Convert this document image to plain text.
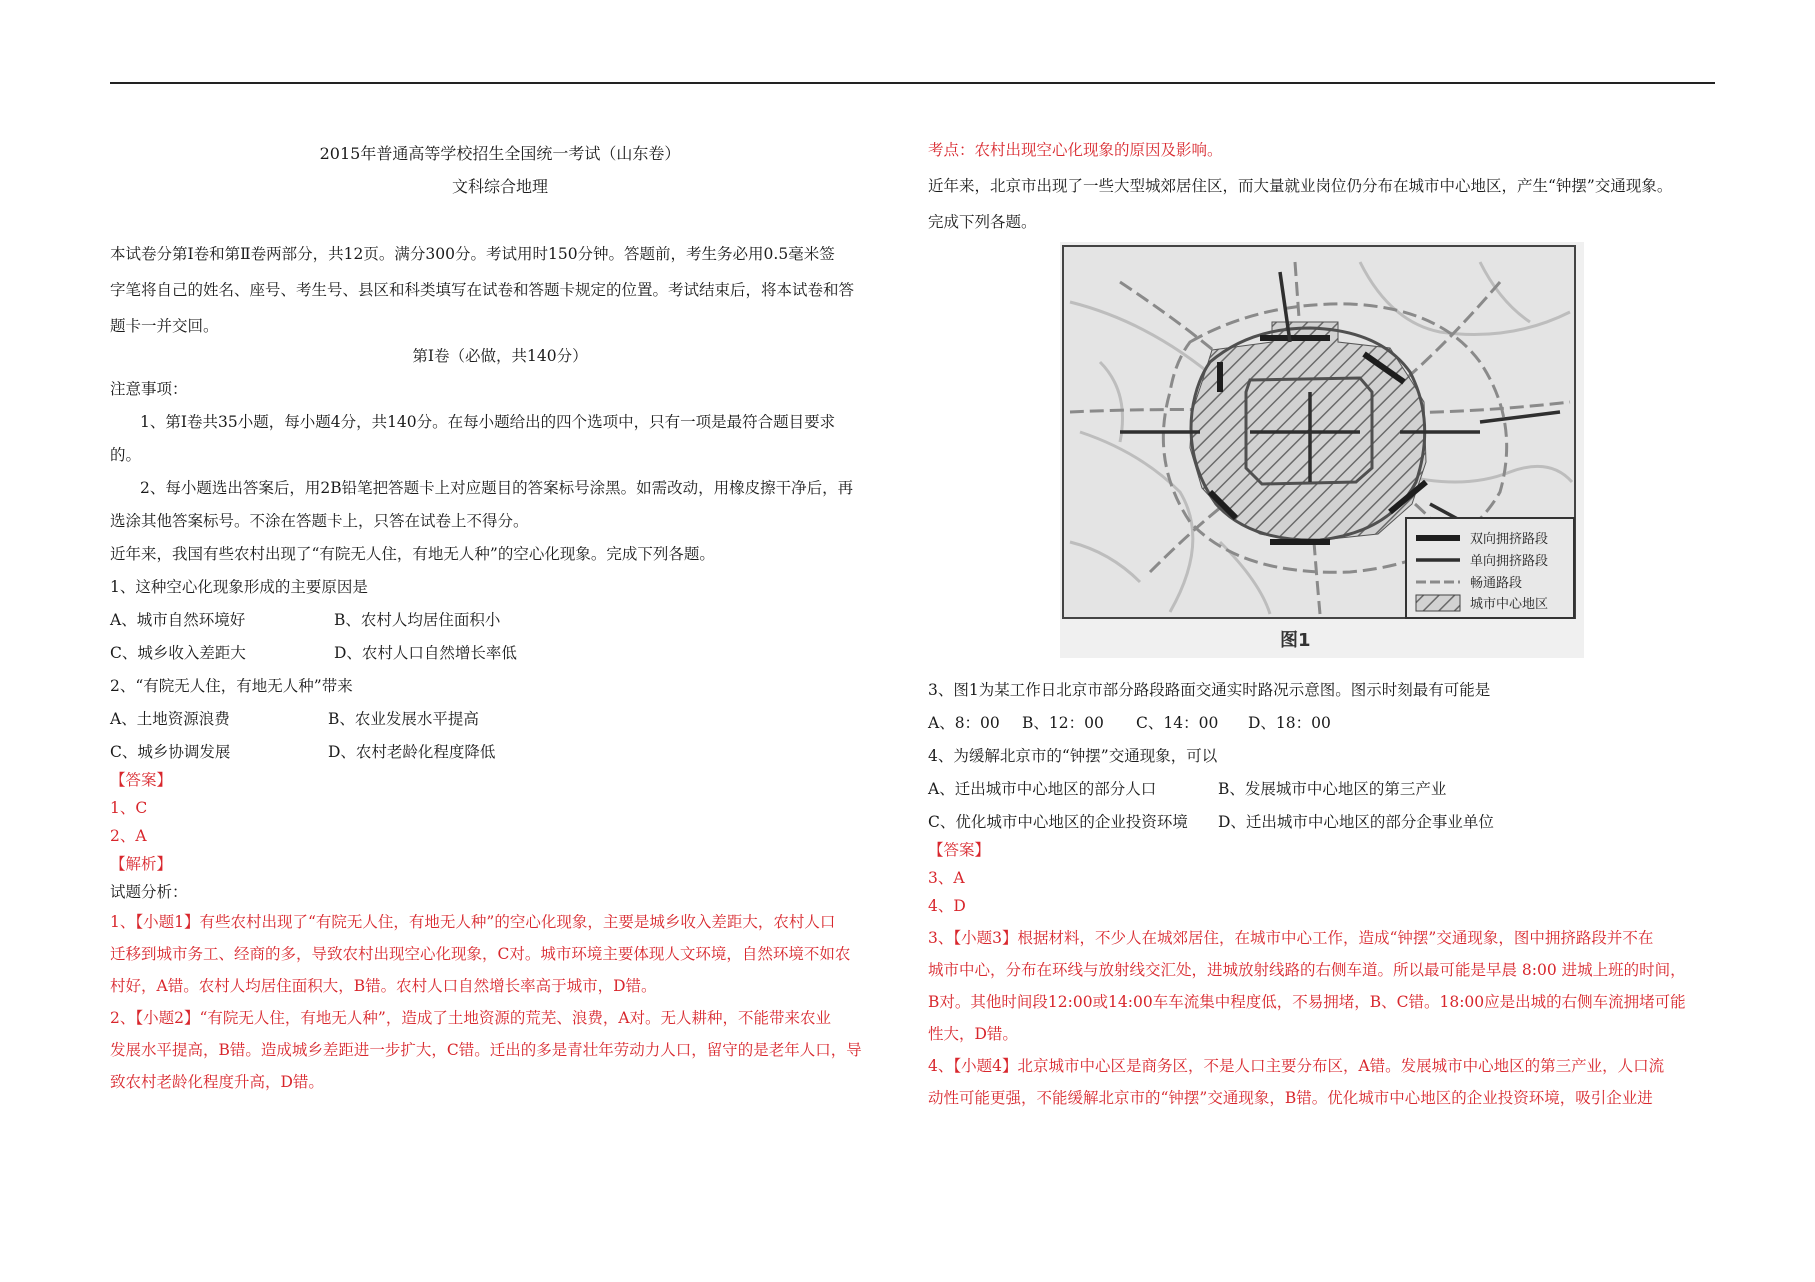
2015年普通高等学校招生全国统一考试（山东卷）

文科综合地理

本试卷分第Ⅰ卷和第Ⅱ卷两部分，共12页。满分300分。考试用时150分钟。答题前，考生务必用0.5毫米签

字笔将自己的姓名、座号、考生号、县区和科类填写在试卷和答题卡规定的位置。考试结束后，将本试卷和答

题卡一并交回。

第Ⅰ卷（必做，共140分）

注意事项：

1、第Ⅰ卷共35小题，每小题4分，共140分。在每小题给出的四个选项中，只有一项是最符合题目要求

的。

2、每小题选出答案后，用2B铅笔把答题卡上对应题目的答案标号涂黑。如需改动，用橡皮擦干净后，再

选涂其他答案标号。不涂在答题卡上，只答在试卷上不得分。

近年来，我国有些农村出现了“有院无人住，有地无人种”的空心化现象。完成下列各题。

1、这种空心化现象形成的主要原因是

A、城市自然环境好	B、农村人均居住面积小
C、城乡收入差距大	D、农村人口自然增长率低

2、“有院无人住，有地无人种”带来

A、土地资源浪费	B、农业发展水平提高
C、城乡协调发展	D、农村老龄化程度降低

【答案】

1、C

2、A

【解析】

试题分析：

1、【小题1】有些农村出现了“有院无人住，有地无人种”的空心化现象，主要是城乡收入差距大，农村人口

迁移到城市务工、经商的多，导致农村出现空心化现象，C对。城市环境主要体现人文环境，自然环境不如农

村好，A错。农村人均居住面积大，B错。农村人口自然增长率高于城市，D错。

2、【小题2】“有院无人住，有地无人种”，造成了土地资源的荒芜、浪费，A对。无人耕种，不能带来农业

发展水平提高，B错。造成城乡差距进一步扩大，C错。迁出的多是青壮年劳动力人口，留守的是老年人口，导

致农村老龄化程度升高，D错。

考点：农村出现空心化现象的原因及影响。

近年来，北京市出现了一些大型城郊居住区，而大量就业岗位仍分布在城市中心地区，产生“钟摆”交通现象。

完成下列各题。

双向拥挤路段
单向拥挤路段
畅通路段
城市中心地区
图1

3、图1为某工作日北京市部分路段路面交通实时路况示意图。图示时刻最有可能是

A、8：00	B、12：00	C、14：00	D、18：00

4、为缓解北京市的“钟摆”交通现象，可以

A、迁出城市中心地区的部分人口	B、发展城市中心地区的第三产业
C、优化城市中心地区的企业投资环境	D、迁出城市中心地区的部分企事业单位

【答案】

3、A

4、D

3、【小题3】根据材料，不少人在城郊居住，在城市中心工作，造成“钟摆”交通现象，图中拥挤路段并不在

城市中心，分布在环线与放射线交汇处，进城放射线路的右侧车道。所以最可能是早晨 8:00 进城上班的时间，

B对。其他时间段12:00或14:00车车流集中程度低，不易拥堵，B、C错。18:00应是出城的右侧车流拥堵可能

性大，D错。

4、【小题4】北京城市中心区是商务区，不是人口主要分布区，A错。发展城市中心地区的第三产业，人口流

动性可能更强，不能缓解北京市的“钟摆”交通现象，B错。优化城市中心地区的企业投资环境，吸引企业进
